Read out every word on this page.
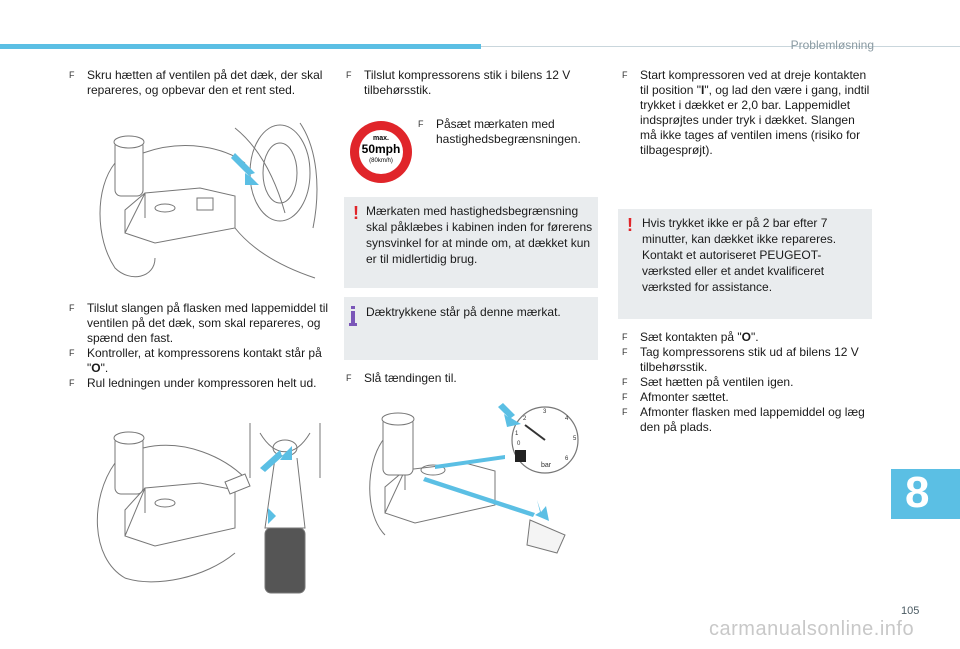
Problemløsning

F Skru hætten af ventilen på det dæk, der skal repareres, og opbevar den et rent sted.

F Tilslut slangen på flasken med lappemiddel til ventilen på det dæk, som skal repareres, og spænd den fast.

F Kontroller, at kompressorens kontakt står på "O".

F Rul ledningen under kompressoren helt ud.

F Tilslut kompressorens stik i bilens 12 V tilbehørsstik.

max.
50mph
(80km/h)

F Påsæt mærkaten med hastighedsbegrænsningen.

! Mærkaten med hastighedsbegrænsning skal påklæbes i kabinen inden for førerens synsvinkel for at minde om, at dækket kun er til midlertidig brug.
Dæktrykkene står på denne mærkat.

F Slå tændingen til.

0
1
2
3
4
5
6
bar

F Start kompressoren ved at dreje kontakten til position "I", og lad den være i gang, indtil trykket i dækket er 2,0 bar. Lappemidlet indsprøjtes under tryk i dækket. Slangen må ikke tages af ventilen imens (risiko for tilbagesprøjt).

! Hvis trykket ikke er på 2 bar efter 7 minutter, kan dækket ikke repareres. Kontakt et autoriseret PEUGEOT-værksted eller et andet kvalificeret værksted for assistance.

F Sæt kontakten på "O".

F Tag kompressorens stik ud af bilens 12 V tilbehørsstik.

F Sæt hætten på ventilen igen.

F Afmonter sættet.

F Afmonter flasken med lappemiddel og læg den på plads.

8
105
carmanualsonline.info
